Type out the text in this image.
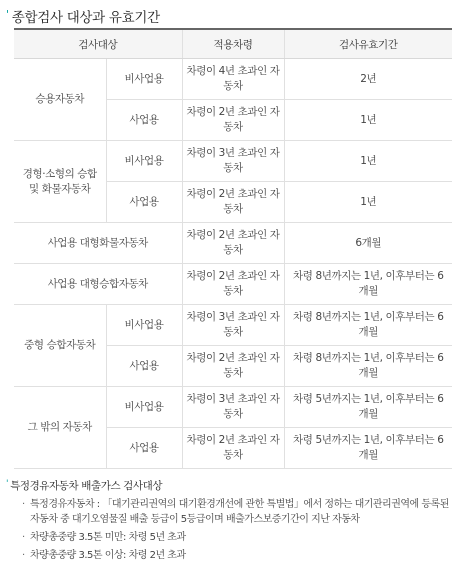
' 종합검사 대상과 유효기간
검사대상		적용차령	검사유효기간
승용자동차	비사업용	차령이 4년 초과인 자동차	2년
	사업용	차령이 2년 초과인 자동차	1년
경형·소형의 승합 및 화물자동차	비사업용	차령이 3년 초과인 자동차	1년
	사업용	차령이 2년 초과인 자동차	1년
사업용 대형화물자동차		차령이 2년 초과인 자동차	6개월
사업용 대형승합자동차		차령이 2년 초과인 자동차	차령 8년까지는 1년, 이후부터는 6개월
중형 승합자동차	비사업용	차령이 3년 초과인 자동차	차령 8년까지는 1년, 이후부터는 6개월
	사업용	차령이 2년 초과인 자동차	차령 8년까지는 1년, 이후부터는 6개월
그 밖의 자동차	비사업용	차령이 3년 초과인 자동차	차령 5년까지는 1년, 이후부터는 6개월
	사업용	차령이 2년 초과인 자동차	차령 5년까지는 1년, 이후부터는 6개월
' 특정경유자동차 배출가스 검사대상
· 특정경유자동차 : 「대기관리권역의 대기환경개선에 관한 특별법」에서 정하는 대기관리권역에 등록된 자동차 중 대기오염물질 배출 등급이 5등급이며 배출가스보증기간이 지난 자동차
· 차량총중량 3.5톤 미만: 차령 5년 초과
· 차량총중량 3.5톤 이상: 차령 2년 초과
